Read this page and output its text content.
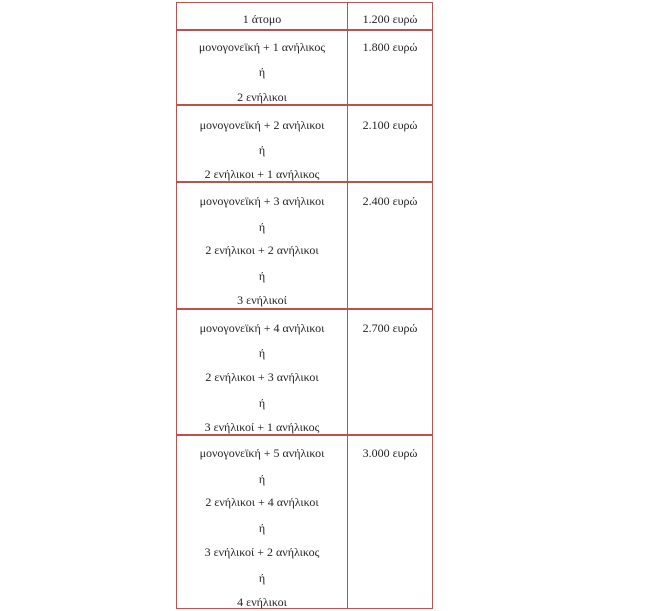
1 άτομο	1.200 ευρώ
μονογονεϊκή + 1 ανήλικος
ή
2 ενήλικοι
1.800 ευρώ
μονογονεϊκή + 2 ανήλικοι
ή
2 ενήλικοι + 1 ανήλικος
2.100 ευρώ
μονογονεϊκή + 3 ανήλικοι
ή
2 ενήλικοι + 2 ανήλικοι
ή
3 ενήλικοί
2.400 ευρώ
μονογονεϊκή + 4 ανήλικοι
ή
2 ενήλικοι + 3 ανήλικοι
ή
3 ενήλικοί + 1 ανήλικος
2.700 ευρώ
μονογονεϊκή + 5 ανήλικοι
ή
2 ενήλικοι + 4 ανήλικοι
ή
3 ενήλικοί + 2 ανήλικος
ή
4 ενήλικοι
3.000 ευρώ
